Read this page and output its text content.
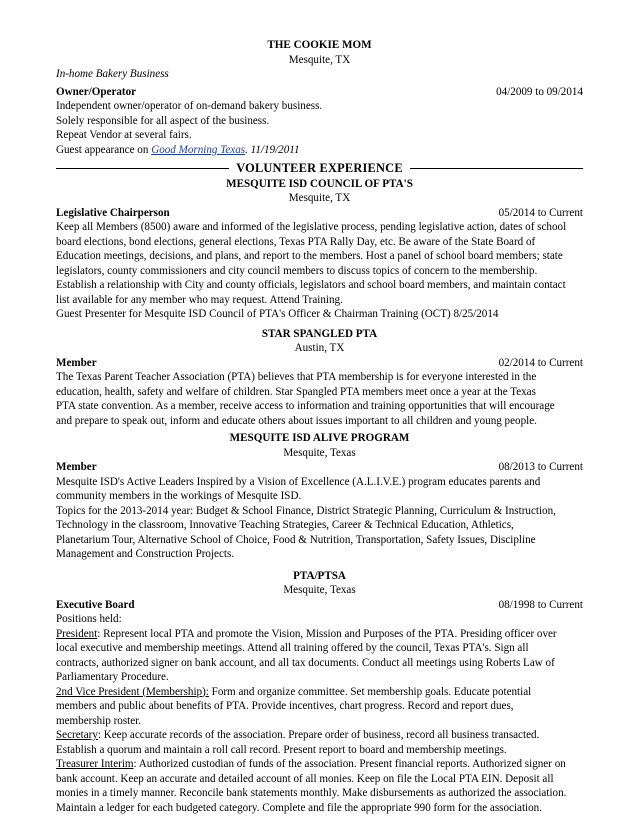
THE COOKIE MOM

Mesquite, TX

In-home Bakery Business

Owner/Operator	04/2009 to 09/2014

Independent owner/operator of on-demand bakery business.

Solely responsible for all aspect of the business.

Repeat Vendor at several fairs.

Guest appearance on Good Morning Texas. 11/19/2011

VOLUNTEER EXPERIENCE

MESQUITE ISD COUNCIL OF PTA'S

Mesquite, TX

Legislative Chairperson	05/2014 to Current

Keep all Members (8500) aware and informed of the legislative process, pending legislative action, dates of school

board elections, bond elections, general elections, Texas PTA Rally Day, etc. Be aware of the State Board of

Education meetings, decisions, and plans, and report to the members. Host a panel of school board members; state

legislators, county commissioners and city council members to discuss topics of concern to the membership.

Establish a relationship with City and county officials, legislators and school board members, and maintain contact

list available for any member who may request. Attend Training.

Guest Presenter for Mesquite ISD Council of PTA's Officer & Chairman Training (OCT) 8/25/2014

STAR SPANGLED PTA

Austin, TX

Member	02/2014 to Current

The Texas Parent Teacher Association (PTA) believes that PTA membership is for everyone interested in the

education, health, safety and welfare of children. Star Spangled PTA members meet once a year at the Texas

PTA state convention. As a member, receive access to information and training opportunities that will encourage

and prepare to speak out, inform and educate others about issues important to all children and young people.

MESQUITE ISD ALIVE PROGRAM

Mesquite, Texas

Member	08/2013 to Current

Mesquite ISD's Active Leaders Inspired by a Vision of Excellence (A.L.I.V.E.) program educates parents and

community members in the workings of Mesquite ISD.

Topics for the 2013-2014 year: Budget & School Finance, District Strategic Planning, Curriculum & Instruction,

Technology in the classroom, Innovative Teaching Strategies, Career & Technical Education, Athletics,

Planetarium Tour, Alternative School of Choice, Food & Nutrition, Transportation, Safety Issues, Discipline

Management and Construction Projects.

PTA/PTSA

Mesquite, Texas

Executive Board	08/1998 to Current

Positions held:

President: Represent local PTA and promote the Vision, Mission and Purposes of the PTA. Presiding officer over

local executive and membership meetings. Attend all training offered by the council, Texas PTA's. Sign all

contracts, authorized signer on bank account, and all tax documents. Conduct all meetings using Roberts Law of

Parliamentary Procedure.

2nd Vice President (Membership): Form and organize committee. Set membership goals. Educate potential

members and public about benefits of PTA. Provide incentives, chart progress. Record and report dues,

membership roster.

Secretary: Keep accurate records of the association. Prepare order of business, record all business transacted.

Establish a quorum and maintain a roll call record. Present report to board and membership meetings.

Treasurer Interim: Authorized custodian of funds of the association. Present financial reports. Authorized signer on

bank account. Keep an accurate and detailed account of all monies. Keep on file the Local PTA EIN. Deposit all

monies in a timely manner. Reconcile bank statements monthly. Make disbursements as authorized the association.

Maintain a ledger for each budgeted category. Complete and file the appropriate 990 form for the association.
